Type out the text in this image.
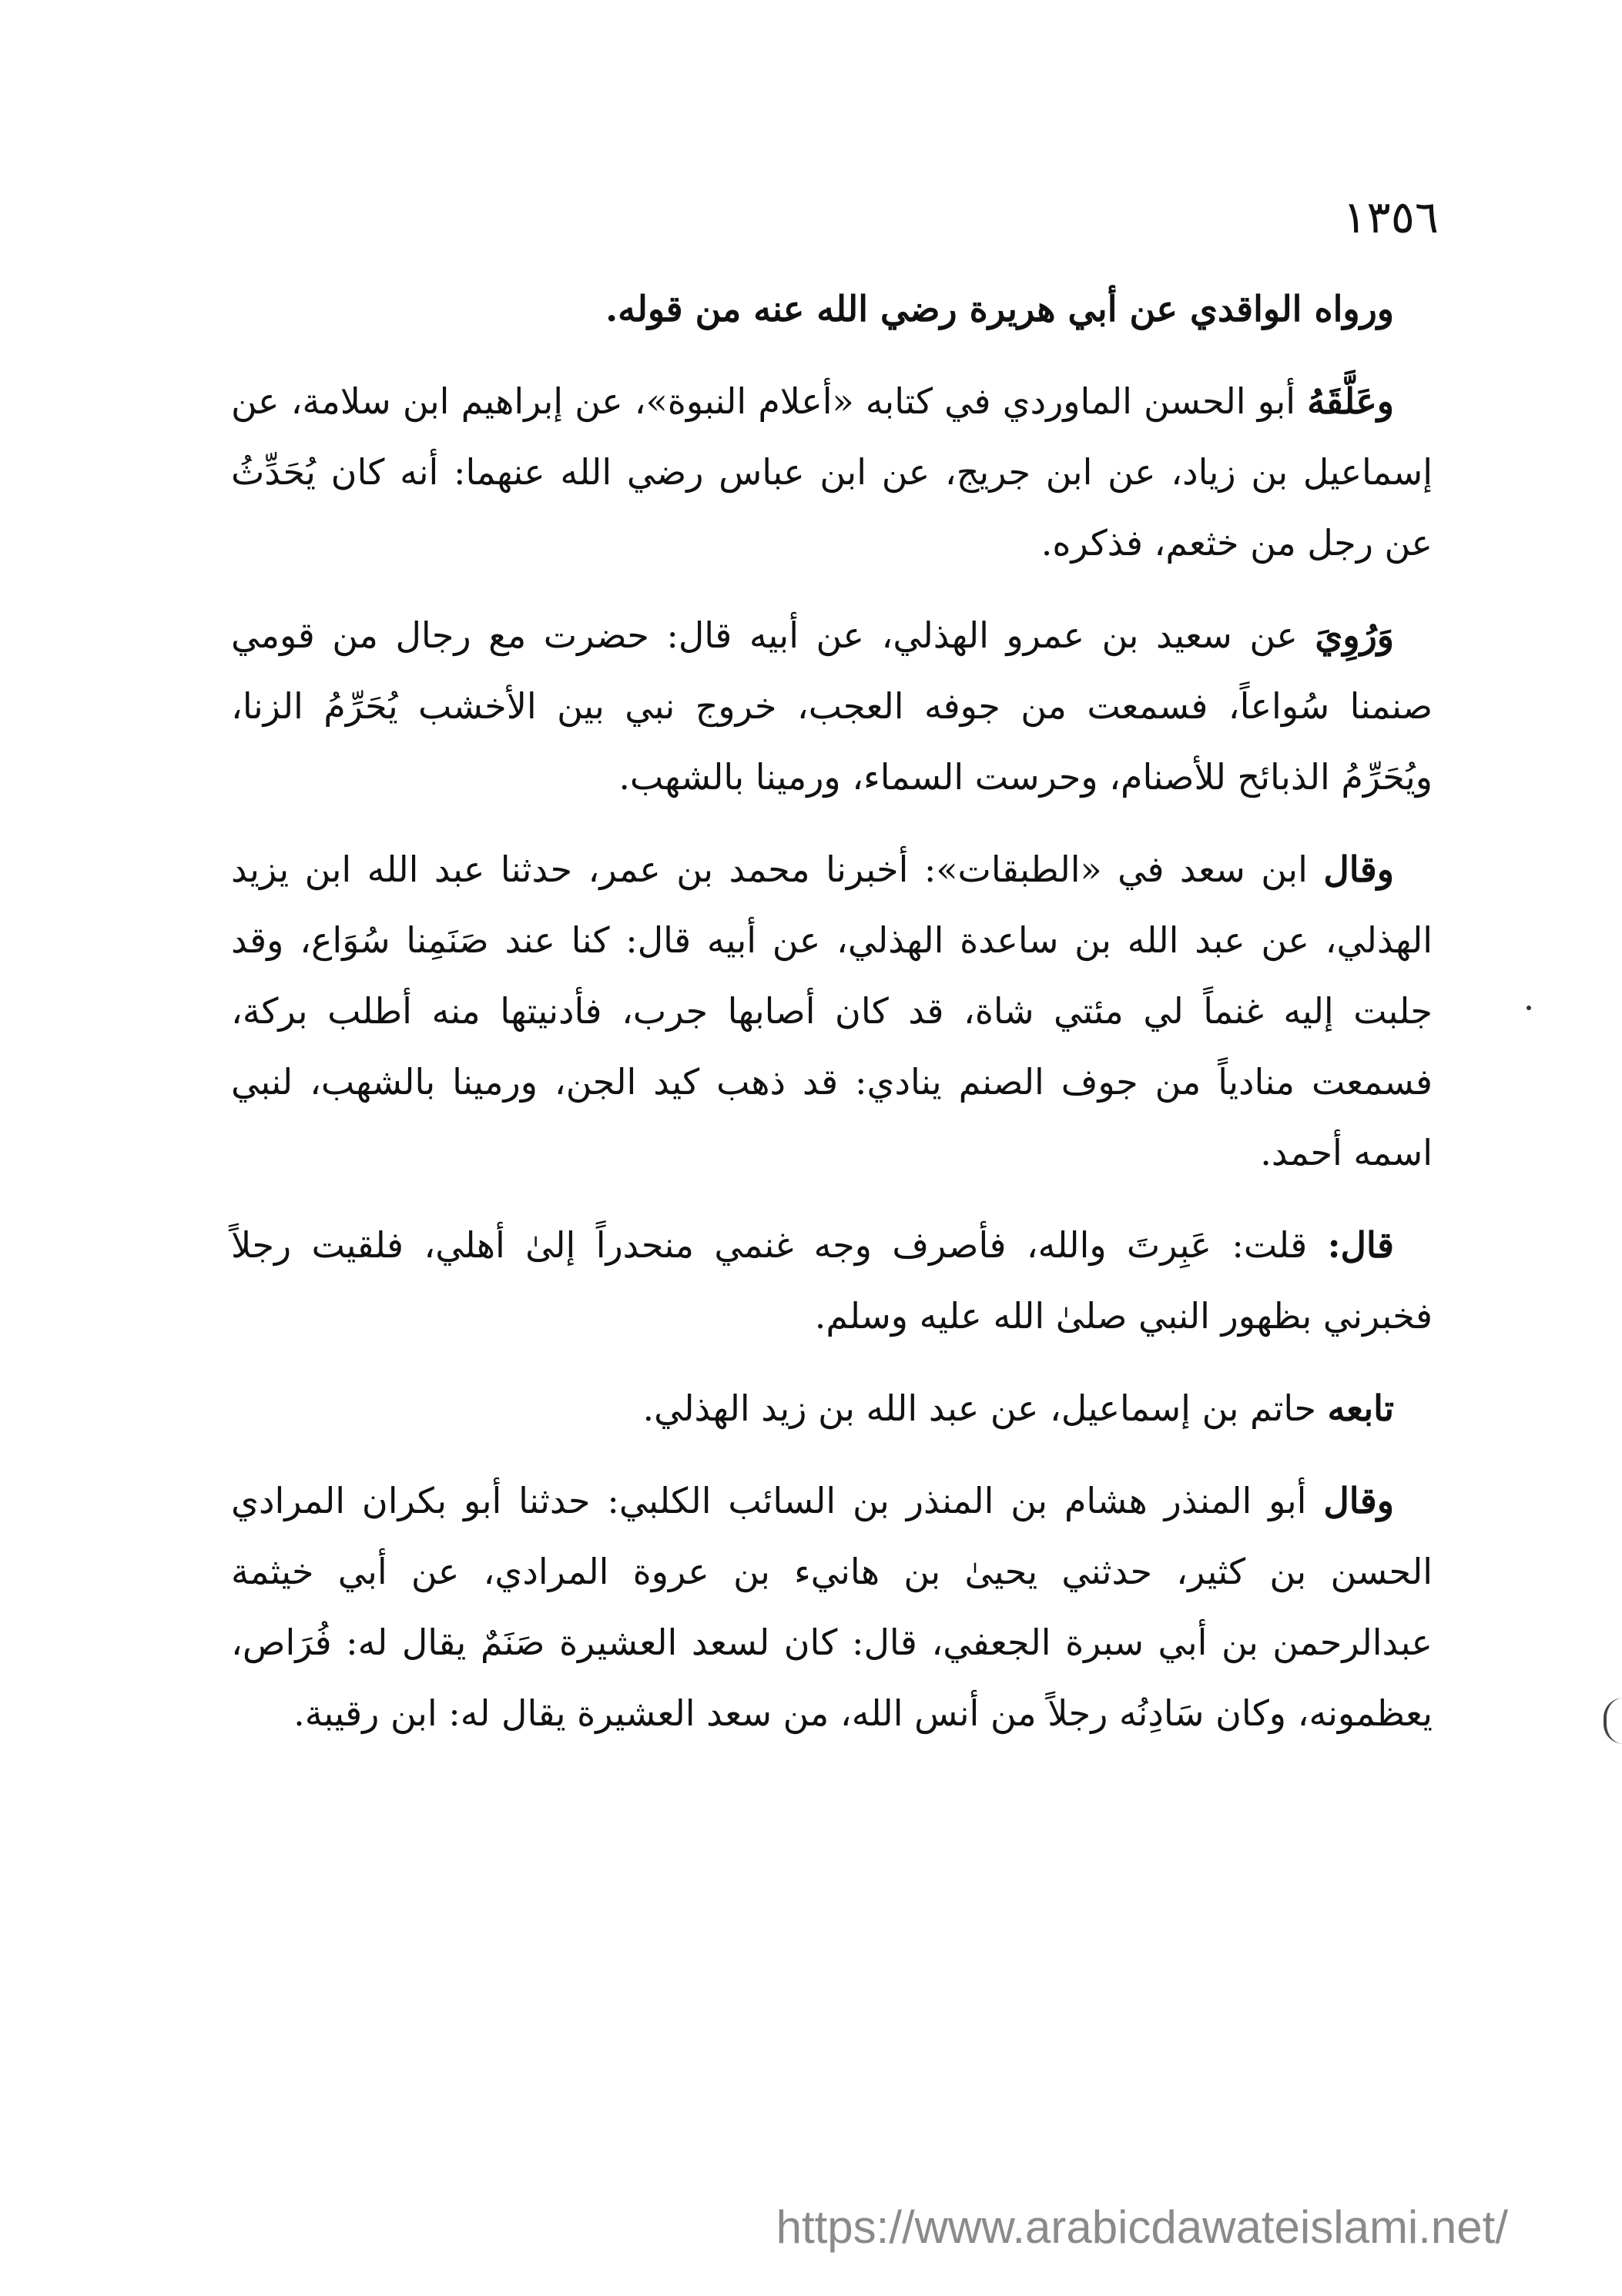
١٣٥٦

ورواه الواقدي عن أبي هريرة رضي الله عنه من قوله.

وعَلَّقَهُ أبو الحسن الماوردي في كتابه «أعلام النبوة»، عن إبراهيم ابن سلامة، عن إسماعيل بن زياد، عن ابن جريج، عن ابن عباس رضي الله عنهما: أنه كان يُحَدِّثُ عن رجل من خثعم، فذكره.

وَرُوِيَ عن سعيد بن عمرو الهذلي، عن أبيه قال: حضرت مع رجال من قومي صنمنا سُواعاً، فسمعت من جوفه العجب، خروج نبي بين الأخشب يُحَرِّمُ الزنا، ويُحَرِّمُ الذبائح للأصنام، وحرست السماء، ورمينا بالشهب.

وقال ابن سعد في «الطبقات»: أخبرنا محمد بن عمر، حدثنا عبد الله ابن يزيد الهذلي، عن عبد الله بن ساعدة الهذلي، عن أبيه قال: كنا عند صَنَمِنا سُوَاع، وقد جلبت إليه غنماً لي مئتي شاة، قد كان أصابها جرب، فأدنيتها منه أطلب بركة، فسمعت منادياً من جوف الصنم ينادي: قد ذهب كيد الجن، ورمينا بالشهب، لنبي اسمه أحمد.

قال: قلت: عَبِرتَ والله، فأصرف وجه غنمي منحدراً إلىٰ أهلي، فلقيت رجلاً فخبرني بظهور النبي صلىٰ الله عليه وسلم.

تابعه حاتم بن إسماعيل، عن عبد الله بن زيد الهذلي.

وقال أبو المنذر هشام بن المنذر بن السائب الكلبي: حدثنا أبو بكران المرادي الحسن بن كثير، حدثني يحيىٰ بن هانيء بن عروة المرادي، عن أبي خيثمة عبدالرحمن بن أبي سبرة الجعفي، قال: كان لسعد العشيرة صَنَمٌ يقال له: فُرَاص، يعظمونه، وكان سَادِنُه رجلاً من أنس الله، من سعد العشيرة يقال له: ابن رقيبة.

https://www.arabicdawateislami.net/
